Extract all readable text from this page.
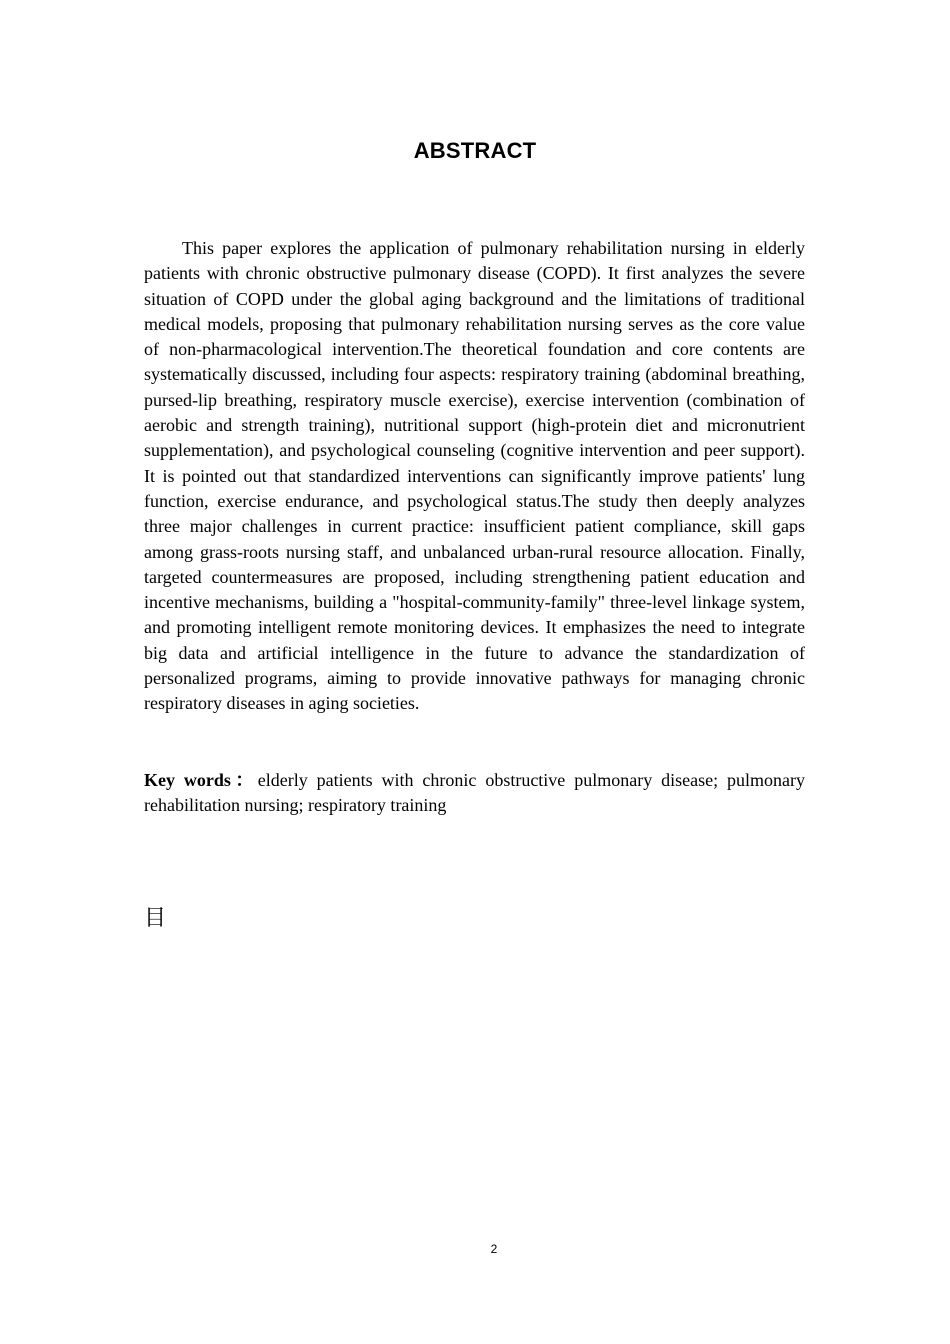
ABSTRACT

This paper explores the application of pulmonary rehabilitation nursing in elderly patients with chronic obstructive pulmonary disease (COPD). It first analyzes the severe situation of COPD under the global aging background and the limitations of traditional medical models, proposing that pulmonary rehabilitation nursing serves as the core value of non-pharmacological intervention.The theoretical foundation and core contents are systematically discussed, including four aspects: respiratory training (abdominal breathing, pursed-lip breathing, respiratory muscle exercise), exercise intervention (combination of aerobic and strength training), nutritional support (high-protein diet and micronutrient supplementation), and psychological counseling (cognitive intervention and peer support). It is pointed out that standardized interventions can significantly improve patients' lung function, exercise endurance, and psychological status.The study then deeply analyzes three major challenges in current practice: insufficient patient compliance, skill gaps among grass-roots nursing staff, and unbalanced urban-rural resource allocation. Finally, targeted countermeasures are proposed, including strengthening patient education and incentive mechanisms, building a "hospital-community-family" three-level linkage system, and promoting intelligent remote monitoring devices. It emphasizes the need to integrate big data and artificial intelligence in the future to advance the standardization of personalized programs, aiming to provide innovative pathways for managing chronic respiratory diseases in aging societies.

Key words：elderly patients with chronic obstructive pulmonary disease; pulmonary rehabilitation nursing; respiratory training

目
2
